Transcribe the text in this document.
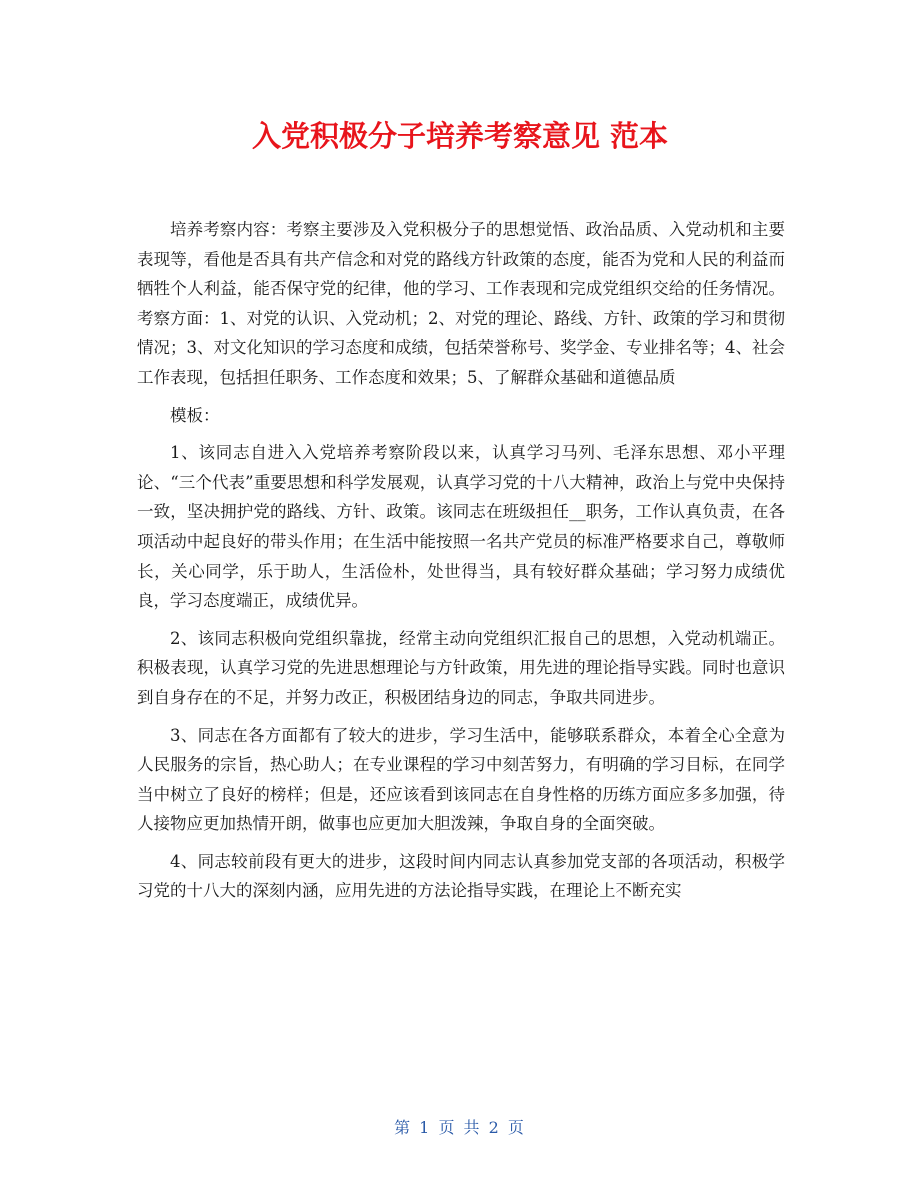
入党积极分子培养考察意见 范本

培养考察内容：考察主要涉及入党积极分子的思想觉悟、政治品质、入党动机和主要表现等，看他是否具有共产信念和对党的路线方针政策的态度，能否为党和人民的利益而牺牲个人利益，能否保守党的纪律，他的学习、工作表现和完成党组织交给的任务情况。考察方面：1、对党的认识、入党动机；2、对党的理论、路线、方针、政策的学习和贯彻情况；3、对文化知识的学习态度和成绩，包括荣誉称号、奖学金、专业排名等；4、社会工作表现，包括担任职务、工作态度和效果；5、了解群众基础和道德品质

模板：

1、该同志自进入入党培养考察阶段以来，认真学习马列、毛泽东思想、邓小平理论、“三个代表”重要思想和科学发展观，认真学习党的十八大精神，政治上与党中央保持一致，坚决拥护党的路线、方针、政策。该同志在班级担任__职务，工作认真负责，在各项活动中起良好的带头作用；在生活中能按照一名共产党员的标准严格要求自己，尊敬师长，关心同学，乐于助人，生活俭朴，处世得当，具有较好群众基础；学习努力成绩优良，学习态度端正，成绩优异。

2、该同志积极向党组织靠拢，经常主动向党组织汇报自己的思想，入党动机端正。积极表现，认真学习党的先进思想理论与方针政策，用先进的理论指导实践。同时也意识到自身存在的不足，并努力改正，积极团结身边的同志，争取共同进步。

3、同志在各方面都有了较大的进步，学习生活中，能够联系群众，本着全心全意为人民服务的宗旨，热心助人；在专业课程的学习中刻苦努力，有明确的学习目标，在同学当中树立了良好的榜样；但是，还应该看到该同志在自身性格的历练方面应多多加强，待人接物应更加热情开朗，做事也应更加大胆泼辣，争取自身的全面突破。

4、同志较前段有更大的进步，这段时间内同志认真参加党支部的各项活动，积极学习党的十八大的深刻内涵，应用先进的方法论指导实践，在理论上不断充实

第 1 页 共 2 页
